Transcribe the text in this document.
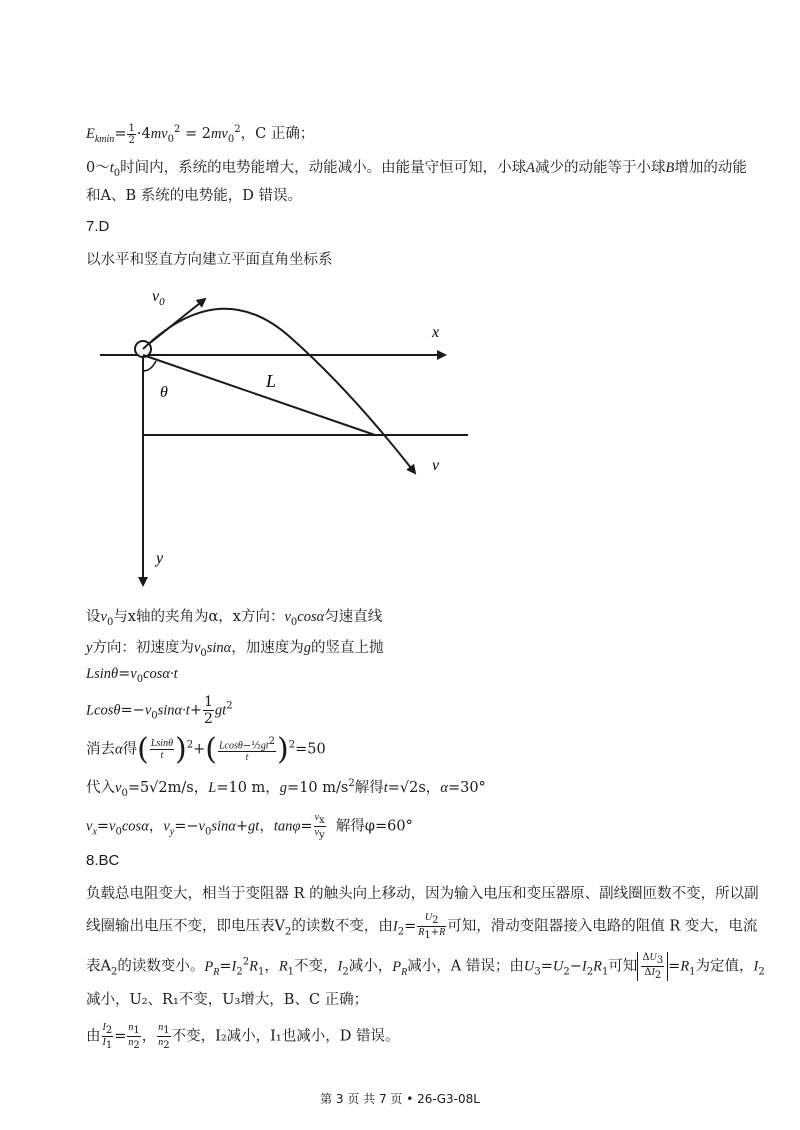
$E_{kmin}= \frac{1}{2} \cdot 4mv_0^2 = 2mv_0^2$，C 正确；
$0\sim t_0$时间内，系统的电势能增大，动能减小。由能量守恒可知，小球A减少的动能等于小球B增加的动能
和A、B 系统的电势能，D 错误。
7.D
以水平和竖直方向建立平面直角坐标系
$v_0$
x
y
θ
L
v
设$v_0$与x轴的夹角为α，x方向：$v_0\cos\alpha$匀速直线
y方向：初速度为$v_0\sin\alpha$，加速度为g的竖直上抛
$Lsin\theta=v_0\cos\alpha\cdot t$
$Lcos\theta=-v_0\sin\alpha\cdot t+ \frac{1}{2} gt^2$
消去α得( $\frac{Lsin\theta}{t} )^2+( \frac{Lcos\theta-\frac{1}{2}gt^2}{t} )^2=50$
代入$v_0=5√2m/s$，L=10 m，g=10 $m/s^2$解得t=√2s，α=30°
$v_x=v_0\cos\alpha$，$v_y=-v_0\sin\alpha+gt$，$\tan\varphi= \frac{v_x}{v_y}$ 解得φ=60°
8.BC
负载总电阻变大，相当于变阻器 R 的触头向上移动，因为输入电压和变压器原、副线圈匝数不变，所以副
线圈输出电压不变，即电压表$V_2$的读数不变，由$I_2= \frac{U_2}{R_1+R}$ 可知，滑动变阻器接入电路的阻值 R 变大，电流
表$A_2$的读数变小。$P_R=I_2^2R_1$，$R_1$不变，$I_2$减小，$P_R$减小，A 错误；由$U_3=U_2-I_2R_1$可知 $\frac{\Delta U_3}{\Delta I_2} =R_1$为定值，$I_2$
减小，U₂、R₁不变，U₃增大，B、C 正确；
由 $\frac{I_2}{I_1} = \frac{n_1}{n_2}$ ， $\frac{n_1}{n_2}$ 不变，I₂减小，I₁也减小，D 错误。
第 3 页 共 7 页 • 26-G3-08L
